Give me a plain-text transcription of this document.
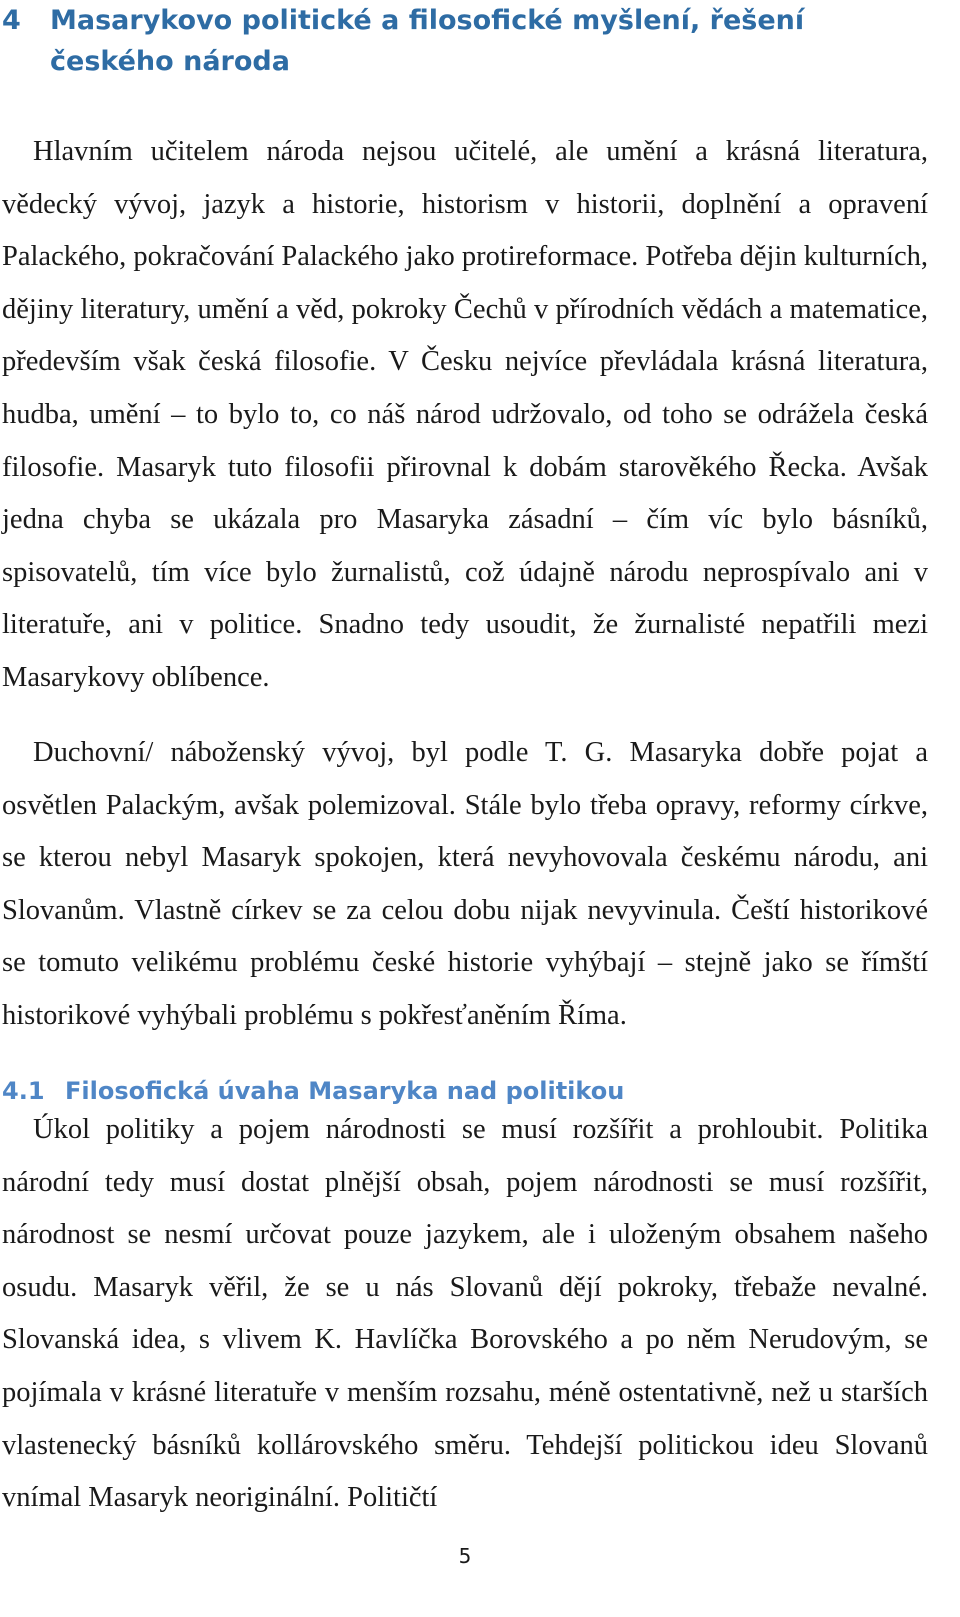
4 Masarykovo politické a filosofické myšlení, řešení českého národa

Hlavním učitelem národa nejsou učitelé, ale umění a krásná literatura, vědecký vývoj, jazyk a historie, historism v historii, doplnění a opravení Palackého, pokračování Palackého jako protireformace. Potřeba dějin kulturních, dějiny literatury, umění a věd, pokroky Čechů v přírodních vědách a matematice, především však česká filosofie. V Česku nejvíce převládala krásná literatura, hudba, umění – to bylo to, co náš národ udržovalo, od toho se odrážela česká filosofie. Masaryk tuto filosofii přirovnal k dobám starověkého Řecka. Avšak jedna chyba se ukázala pro Masaryka zásadní – čím víc bylo básníků, spisovatelů, tím více bylo žurnalistů, což údajně národu neprospívalo ani v literatuře, ani v politice. Snadno tedy usoudit, že žurnalisté nepatřili mezi Masarykovy oblíbence.

Duchovní/ náboženský vývoj, byl podle T. G. Masaryka dobře pojat a osvětlen Palackým, avšak polemizoval. Stále bylo třeba opravy, reformy církve, se kterou nebyl Masaryk spokojen, která nevyhovovala českému národu, ani Slovanům. Vlastně církev se za celou dobu nijak nevyvinula. Čeští historikové se tomuto velikému problému české historie vyhýbají – stejně jako se římští historikové vyhýbali problému s pokřesťaněním Říma.

4.1 Filosofická úvaha Masaryka nad politikou

Úkol politiky a pojem národnosti se musí rozšířit a prohloubit. Politika národní tedy musí dostat plnější obsah, pojem národnosti se musí rozšířit, národnost se nesmí určovat pouze jazykem, ale i uloženým obsahem našeho osudu. Masaryk věřil, že se u nás Slovanů dějí pokroky, třebaže nevalné. Slovanská idea, s vlivem K. Havlíčka Borovského a po něm Nerudovým, se pojímala v krásné literatuře v menším rozsahu, méně ostentativně, než u starších vlastenecký básníků kollárovského směru. Tehdejší politickou ideu Slovanů vnímal Masaryk neoriginální. Političtí

5
